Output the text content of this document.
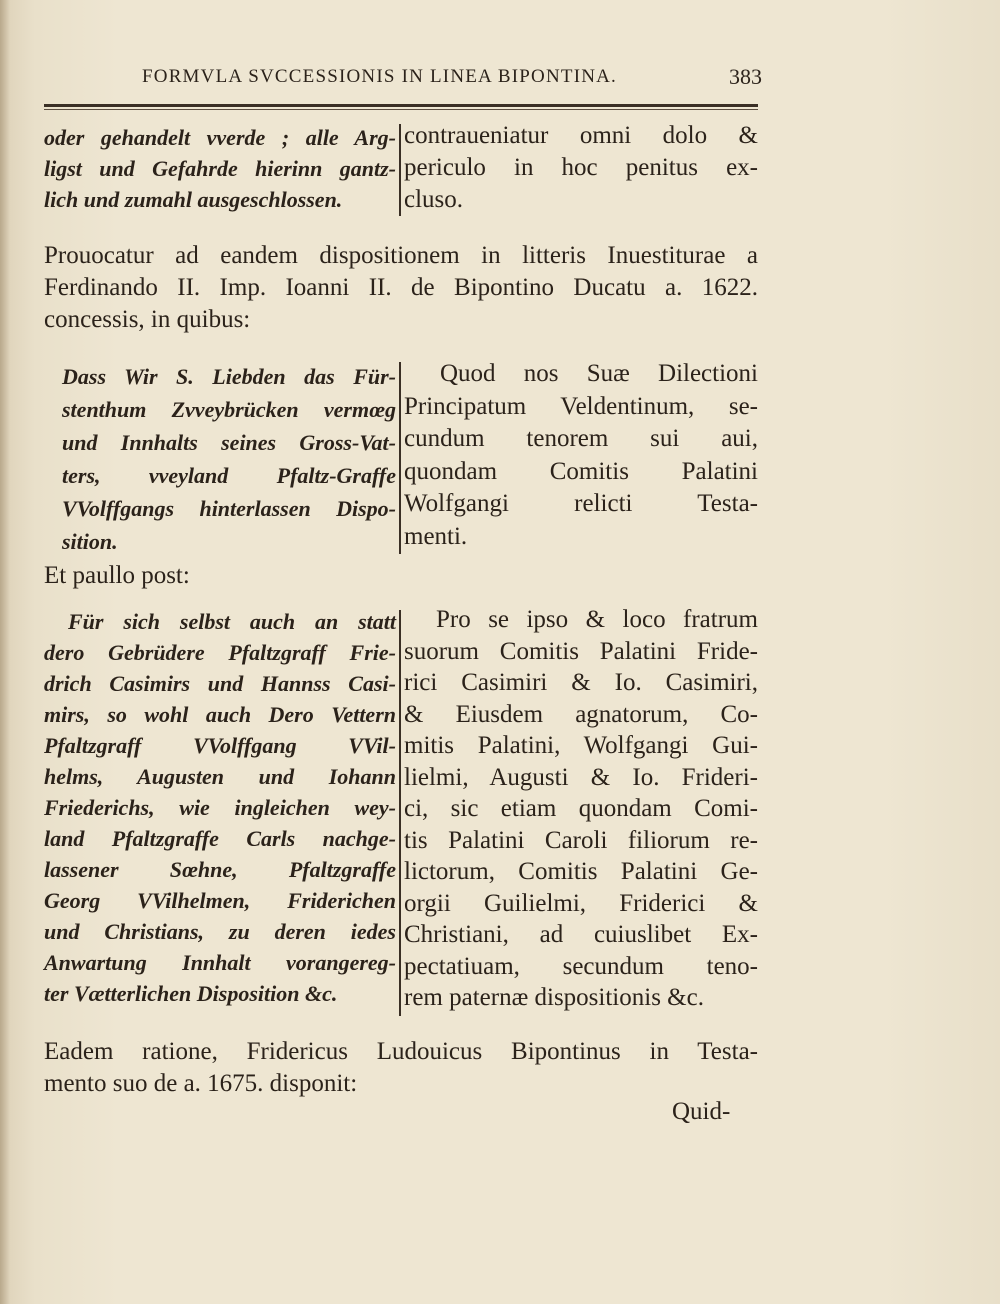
FORMVLA SVCCESSIONIS IN LINEA BIPONTINA.	383
oder gehandelt vverde ; alle Arg-
ligst und Gefahrde hierinn gantz-
lich und zumahl ausgeschlossen.
contraueniatur omni dolo &
periculo in hoc penitus ex-
cluso.
Prouocatur ad eandem dispositionem in litteris Inuestiturae a
Ferdinando II. Imp. Ioanni II. de Bipontino Ducatu a. 1622.
concessis, in quibus:
Dass Wir S. Liebden das Für-
stenthum Zvveybrücken vermœg
und Innhalts seines Gross-Vat-
ters, vveyland Pfaltz-Graffe
VVolffgangs hinterlassen Dispo-
sition.
Quod nos Suæ Dilectioni
Principatum Veldentinum, se-
cundum tenorem sui aui,
quondam Comitis Palatini
Wolfgangi relicti Testa-
menti.
Et paullo post:
Für sich selbst auch an statt
dero Gebrüdere Pfaltzgraff Frie-
drich Casimirs und Hannss Casi-
mirs, so wohl auch Dero Vettern
Pfaltzgraff VVolffgang VVil-
helms, Augusten und Iohann
Friederichs, wie ingleichen wey-
land Pfaltzgraffe Carls nachge-
lassener Sœhne, Pfaltzgraffe
Georg VVilhelmen, Friderichen
und Christians, zu deren iedes
Anwartung Innhalt vorangereg-
ter Vætterlichen Disposition &c.
Pro se ipso & loco fratrum
suorum Comitis Palatini Fride-
rici Casimiri & Io. Casimiri,
& Eiusdem agnatorum, Co-
mitis Palatini, Wolfgangi Gui-
lielmi, Augusti & Io. Frideri-
ci, sic etiam quondam Comi-
tis Palatini Caroli filiorum re-
lictorum, Comitis Palatini Ge-
orgii Guilielmi, Friderici &
Christiani, ad cuiuslibet Ex-
pectatiuam, secundum teno-
rem paternæ dispositionis &c.
Eadem ratione, Fridericus Ludouicus Bipontinus in Testa-
mento suo de a. 1675. disponit:
Quid-
